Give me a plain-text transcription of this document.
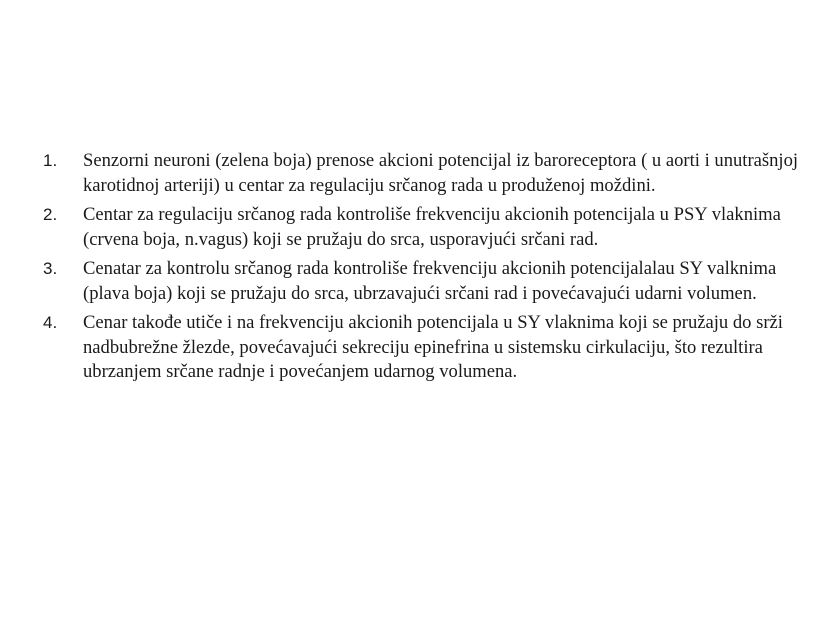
1.	Senzorni neuroni (zelena boja) prenose akcioni potencijal iz baroreceptora ( u aorti i unutrašnjoj karotidnoj arteriji) u centar za regulaciju srčanog rada u produženoj moždini.
2.	Centar za regulaciju srčanog rada kontroliše frekvenciju akcionih potencijala u PSY vlaknima (crvena boja, n.vagus) koji se pružaju do srca, usporavjući srčani rad.
3.	Cenatar za kontrolu srčanog rada kontroliše frekvenciju akcionih potencijalalau SY valknima (plava boja) koji se pružaju do srca, ubrzavajući srčani rad i povećavajući udarni volumen.
4.	Cenar takođe utiče i na frekvenciju akcionih potencijala u SY vlaknima koji se pružaju do srži nadbubrežne žlezde, povećavajući sekreciju epinefrina u sistemsku cirkulaciju, što rezultira ubrzanjem srčane radnje i povećanjem udarnog volumena.
